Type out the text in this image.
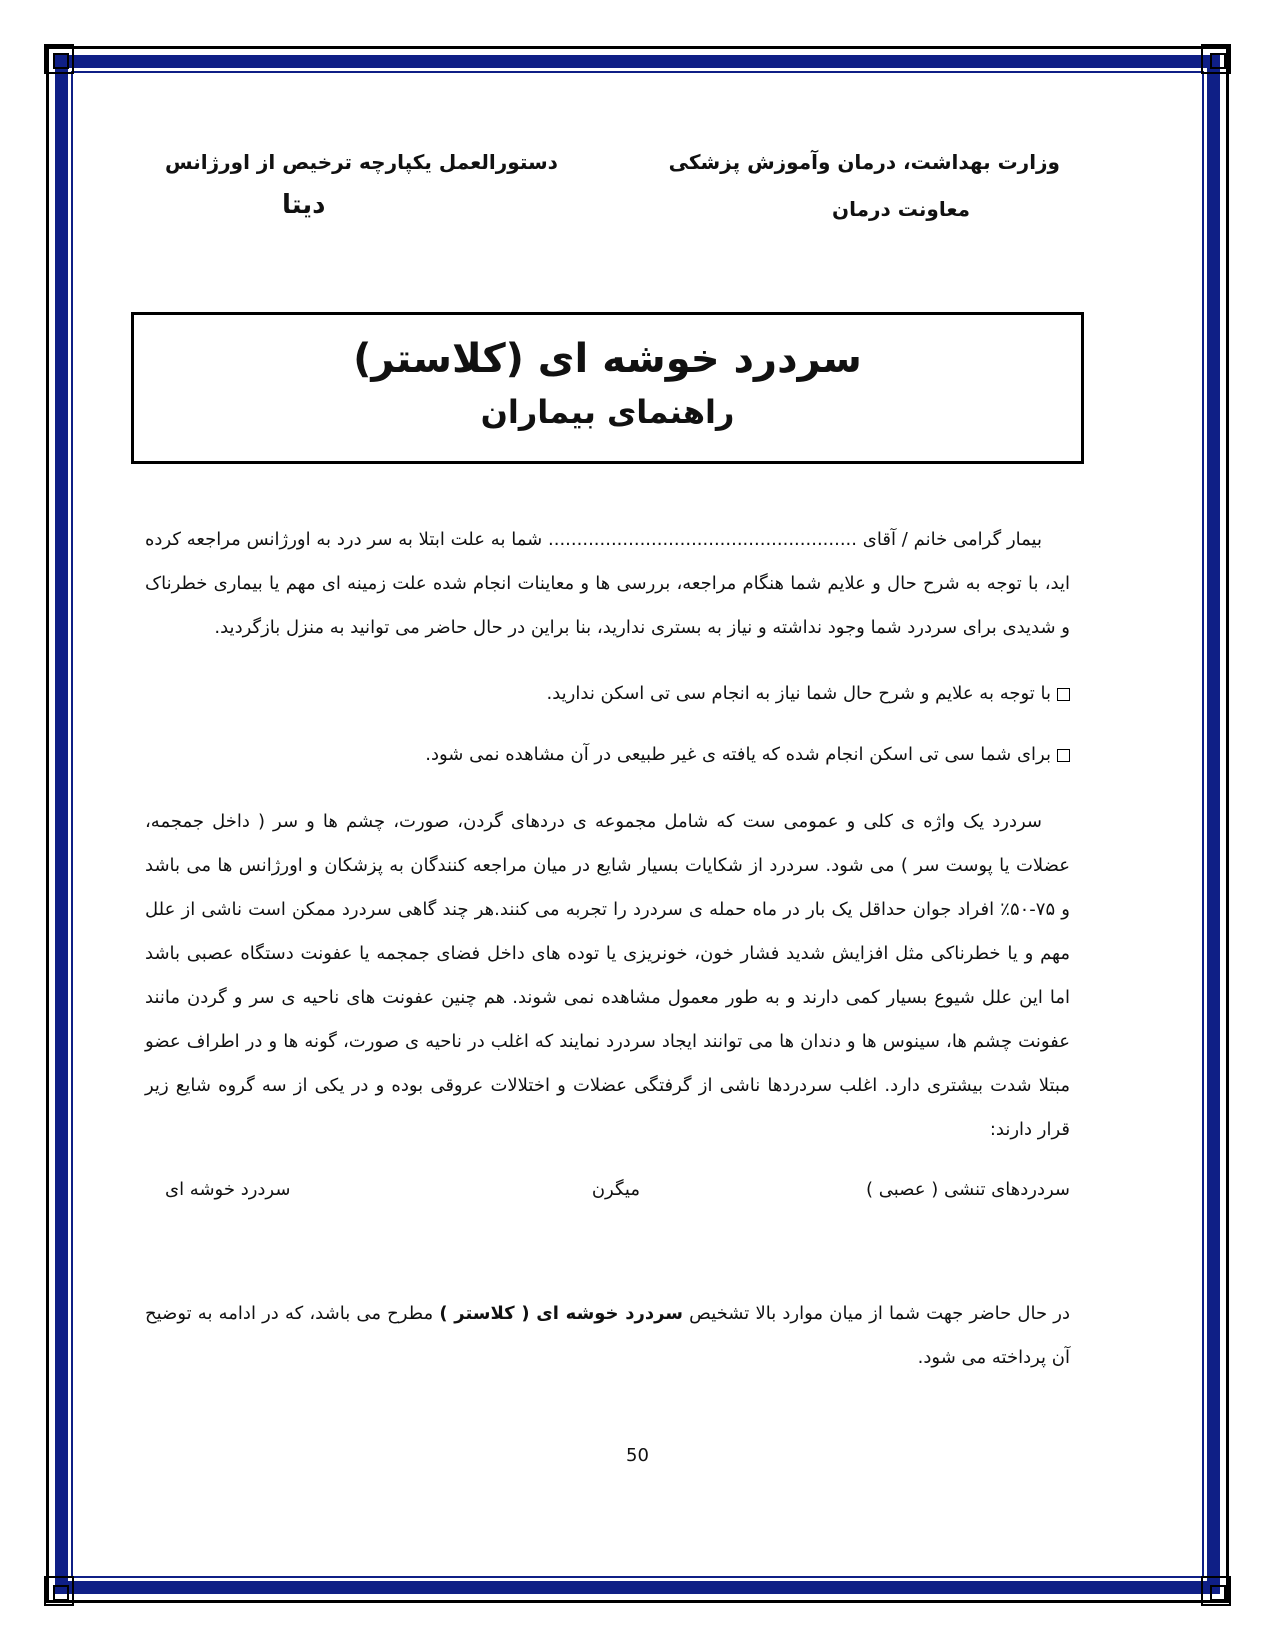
وزارت بهداشت، درمان وآموزش پزشکی
معاونت درمان
دستورالعمل یکپارچه ترخیص از اورژانس
دیتا
سردرد خوشه ای (کلاستر)
راهنمای بیماران
بیمار گرامی خانم / آقای ...................................................... شما به علت ابتلا به سر درد به اورژانس مراجعه کرده اید، با توجه به شرح حال و علایم شما هنگام مراجعه، بررسی ها و معاینات انجام شده علت زمینه ای مهم یا بیماری خطرناک و شدیدی برای سردرد شما وجود نداشته و نیاز به بستری ندارید، بنا براین در حال حاضر می توانید به منزل بازگردید.
با توجه به علایم و شرح حال شما نیاز به انجام سی تی اسکن ندارید.
برای شما سی تی اسکن انجام شده که یافته ی غیر طبیعی در آن مشاهده نمی شود.
سردرد یک واژه ی کلی و عمومی ست که شامل مجموعه ی دردهای گردن، صورت، چشم ها و سر ( داخل جمجمه، عضلات یا پوست سر ) می شود. سردرد از شکایات بسیار شایع در میان مراجعه کنندگان به پزشکان و اورژانس ها می باشد و ۷۵-۵۰٪ افراد جوان حداقل یک بار در ماه حمله ی سردرد را تجربه می کنند.هر چند گاهی سردرد ممکن است ناشی از علل مهم و یا خطرناکی مثل افزایش شدید فشار خون، خونریزی یا توده های داخل فضای جمجمه یا عفونت دستگاه عصبی باشد اما این علل شیوع بسیار کمی دارند و به طور معمول مشاهده نمی شوند. هم چنین عفونت های ناحیه ی سر و گردن مانند عفونت چشم ها، سینوس ها و دندان ها می توانند ایجاد سردرد نمایند که اغلب در ناحیه ی صورت، گونه ها و در اطراف عضو مبتلا شدت بیشتری دارد. اغلب سردردها ناشی از گرفتگی عضلات و اختلالات عروقی بوده و در یکی از سه گروه شایع زیر قرار دارند:
سردردهای تنشی ( عصبی )
میگرن
سردرد خوشه ای
در حال حاضر جهت شما از میان موارد بالا تشخیص سردرد خوشه ای ( کلاستر ) مطرح می باشد، که در ادامه به توضیح آن پرداخته می شود.
50
